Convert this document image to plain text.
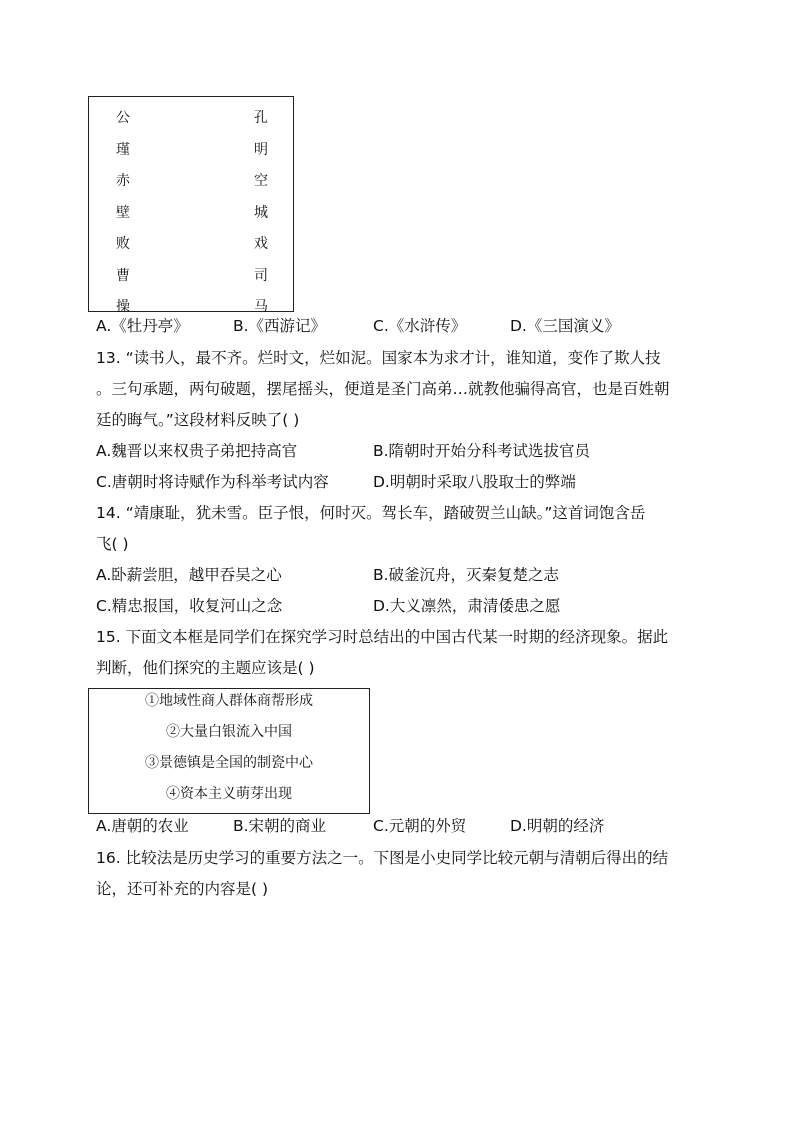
公
瑾
赤
壁
败
曹
操
孔
明
空
城
戏
司
马
A.《牡丹亭》	B.《西游记》	C.《水浒传》	D.《三国演义》
13. “读书人，最不齐。烂时文，烂如泥。国家本为求才计，谁知道，变作了欺人技
。三句承题，两句破题，摆尾摇头，便道是圣门高弟…就教他骗得高官，也是百姓朝
廷的晦气。”这段材料反映了( )
A.魏晋以来权贵子弟把持高官	B.隋朝时开始分科考试选拔官员
C.唐朝时将诗赋作为科举考试内容	D.明朝时采取八股取士的弊端
14. “靖康耻，犹未雪。臣子恨，何时灭。驾长车，踏破贺兰山缺。”这首词饱含岳
飞( )
A.卧薪尝胆，越甲吞吴之心	B.破釜沉舟，灭秦复楚之志
C.精忠报国，收复河山之念	D.大义凛然，肃清倭患之愿
15. 下面文本框是同学们在探究学习时总结出的中国古代某一时期的经济现象。据此
判断，他们探究的主题应该是( )
①地域性商人群体商帮形成
②大量白银流入中国
③景德镇是全国的制瓷中心
④资本主义萌芽出现
A.唐朝的农业	B.宋朝的商业	C.元朝的外贸	D.明朝的经济
16. 比较法是历史学习的重要方法之一。下图是小史同学比较元朝与清朝后得出的结
论，还可补充的内容是( )
